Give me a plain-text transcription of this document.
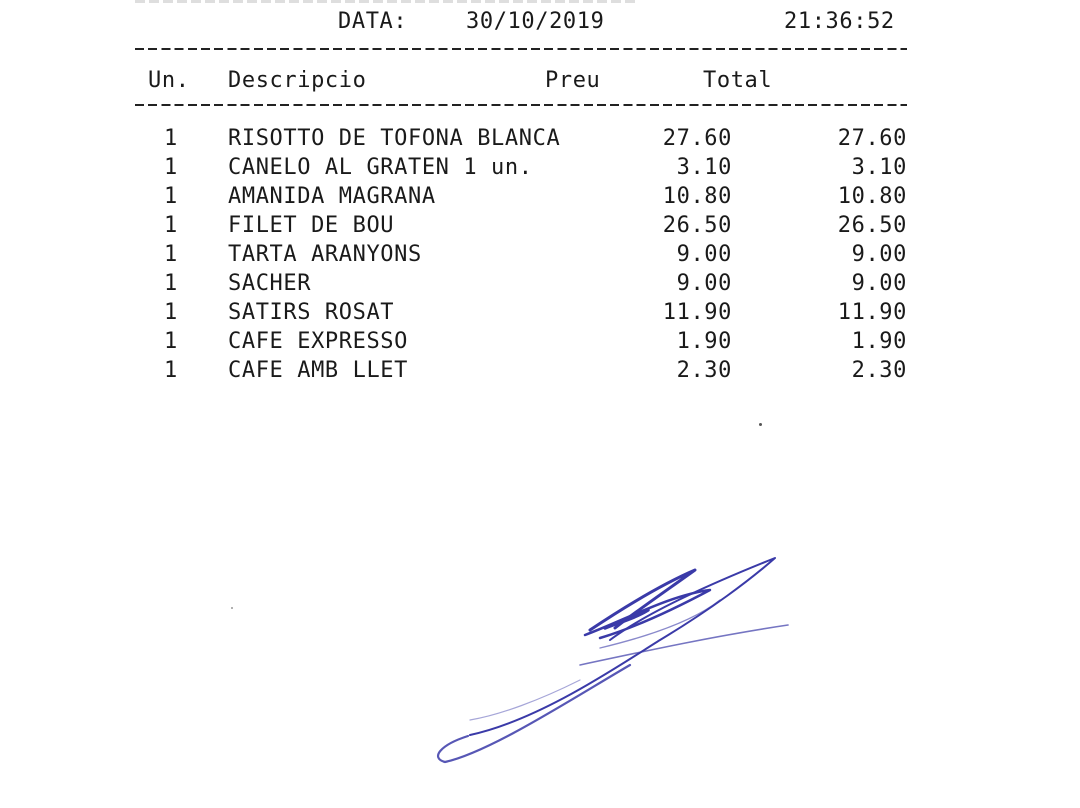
DATA:	30/10/2019	21:36:52
Un. Descripcio	Preu	Total
1 RISOTTO DE TOFONA BLANCA	27.60	27.60
1 CANELO AL GRATEN 1 un.	3.10	3.10
1 AMANIDA MAGRANA	10.80	10.80
1 FILET DE BOU	26.50	26.50
1 TARTA ARANYONS	9.00	9.00
1 SACHER	9.00	9.00
1 SATIRS ROSAT	11.90	11.90
1 CAFE EXPRESSO	1.90	1.90
1 CAFE AMB LLET	2.30	2.30
